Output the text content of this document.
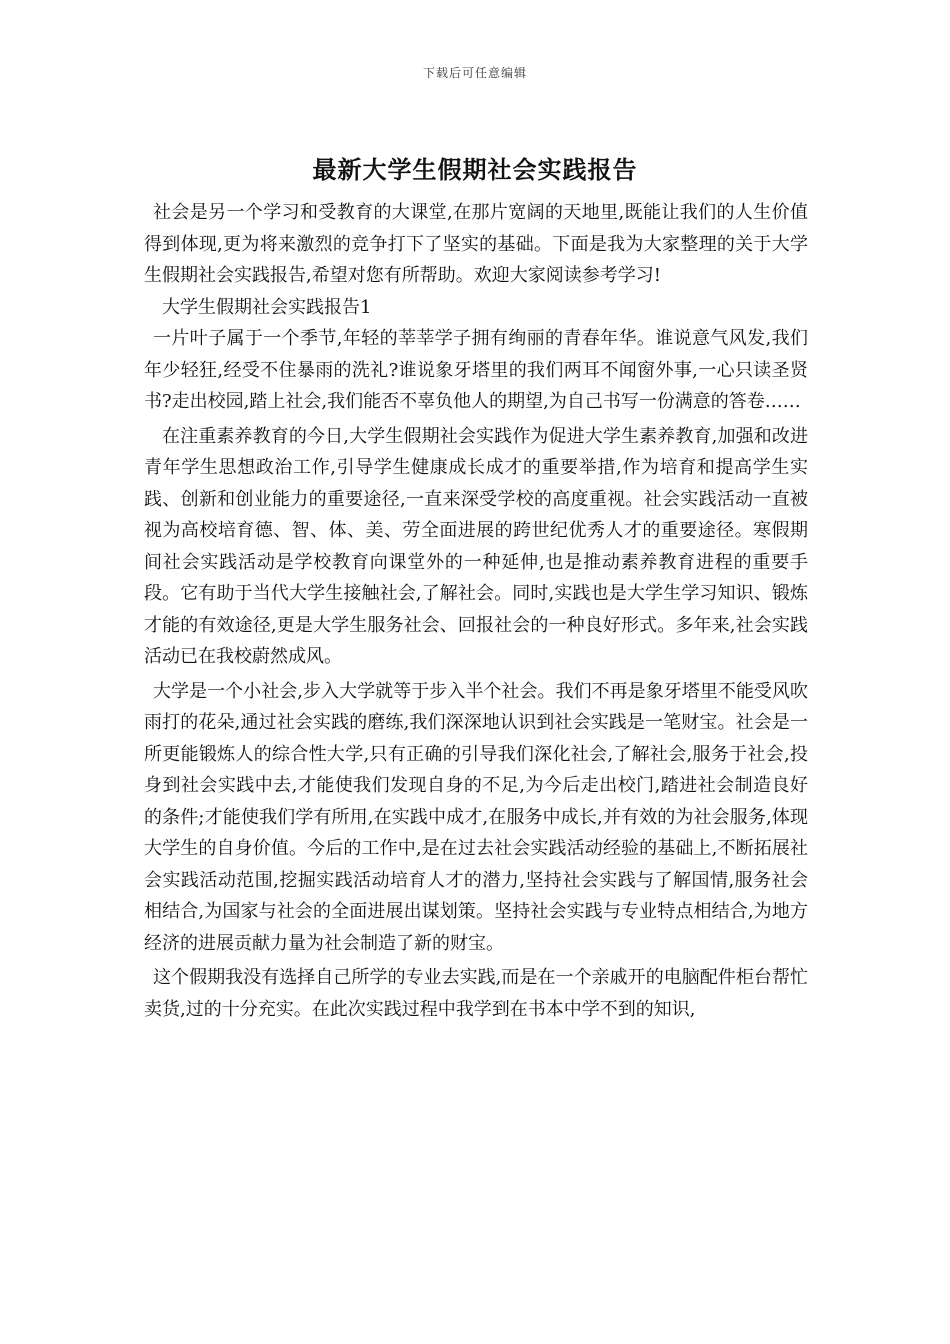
下载后可任意编辑
最新大学生假期社会实践报告

社会是另一个学习和受教育的大课堂,在那片宽阔的天地里,既能让我们的人生价值得到体现,更为将来激烈的竞争打下了坚实的基础。下面是我为大家整理的关于大学生假期社会实践报告,希望对您有所帮助。欢迎大家阅读参考学习!

大学生假期社会实践报告1

一片叶子属于一个季节,年轻的莘莘学子拥有绚丽的青春年华。谁说意气风发,我们年少轻狂,经受不住暴雨的洗礼?谁说象牙塔里的我们两耳不闻窗外事,一心只读圣贤书?走出校园,踏上社会,我们能否不辜负他人的期望,为自己书写一份满意的答卷……

在注重素养教育的今日,大学生假期社会实践作为促进大学生素养教育,加强和改进青年学生思想政治工作,引导学生健康成长成才的重要举措,作为培育和提高学生实践、创新和创业能力的重要途径,一直来深受学校的高度重视。社会实践活动一直被视为高校培育德、智、体、美、劳全面进展的跨世纪优秀人才的重要途径。寒假期间社会实践活动是学校教育向课堂外的一种延伸,也是推动素养教育进程的重要手段。它有助于当代大学生接触社会,了解社会。同时,实践也是大学生学习知识、锻炼才能的有效途径,更是大学生服务社会、回报社会的一种良好形式。多年来,社会实践活动已在我校蔚然成风。

大学是一个小社会,步入大学就等于步入半个社会。我们不再是象牙塔里不能受风吹雨打的花朵,通过社会实践的磨练,我们深深地认识到社会实践是一笔财宝。社会是一所更能锻炼人的综合性大学,只有正确的引导我们深化社会,了解社会,服务于社会,投身到社会实践中去,才能使我们发现自身的不足,为今后走出校门,踏进社会制造良好的条件;才能使我们学有所用,在实践中成才,在服务中成长,并有效的为社会服务,体现大学生的自身价值。今后的工作中,是在过去社会实践活动经验的基础上,不断拓展社会实践活动范围,挖掘实践活动培育人才的潜力,坚持社会实践与了解国情,服务社会相结合,为国家与社会的全面进展出谋划策。坚持社会实践与专业特点相结合,为地方经济的进展贡献力量为社会制造了新的财宝。

这个假期我没有选择自己所学的专业去实践,而是在一个亲戚开的电脑配件柜台帮忙卖货,过的十分充实。在此次实践过程中我学到在书本中学不到的知识,
